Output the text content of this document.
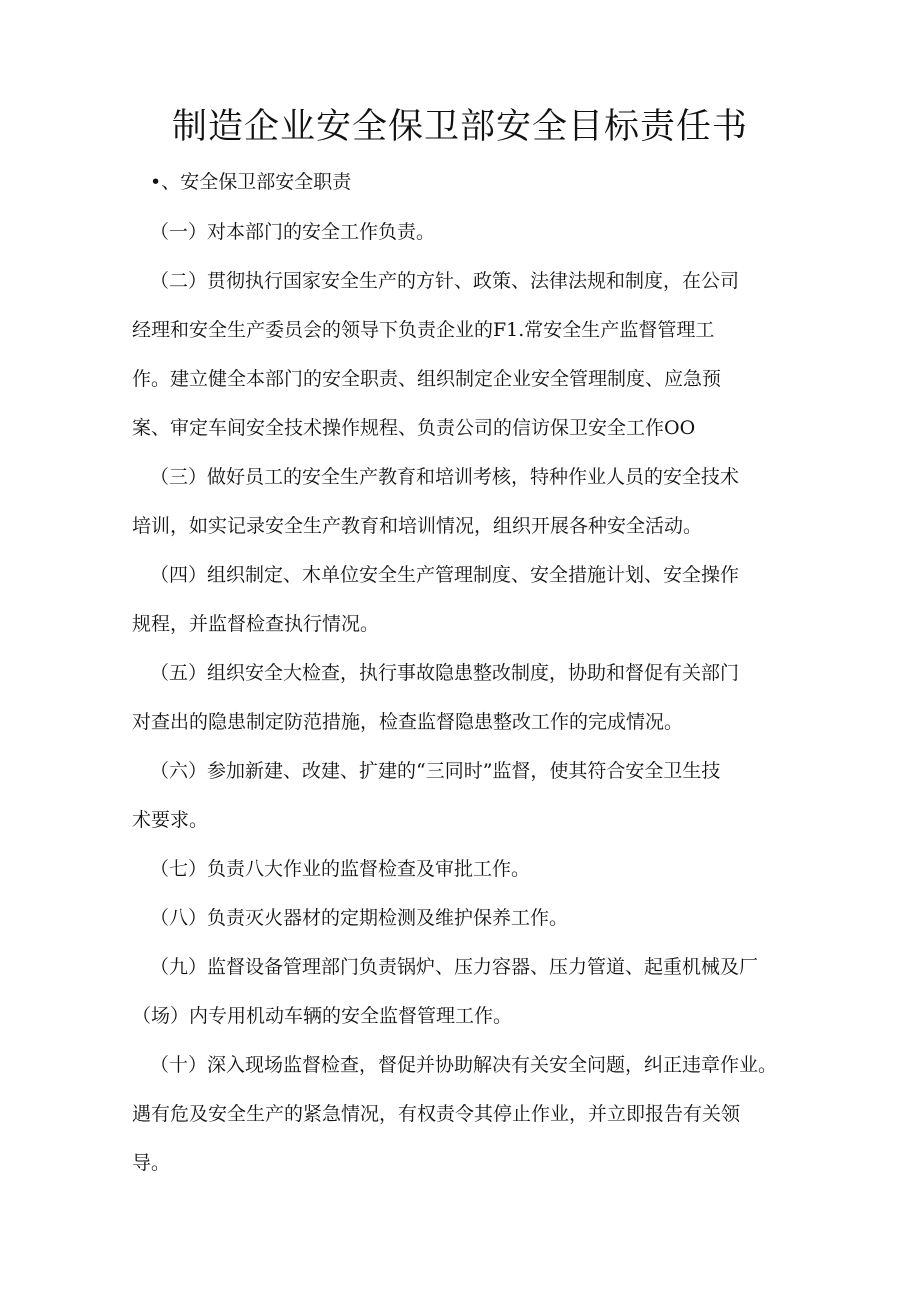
制造企业安全保卫部安全目标责任书
•、安全保卫部安全职责
（一）对本部门的安全工作负责。
（二）贯彻执行国家安全生产的方针、政策、法律法规和制度，在公司
经理和安全生产委员会的领导下负责企业的F1.常安全生产监督管理工
作。建立健全本部门的安全职责、组织制定企业安全管理制度、应急预
案、审定车间安全技术操作规程、负责公司的信访保卫安全工作OO
（三）做好员工的安全生产教育和培训考核，特种作业人员的安全技术
培训，如实记录安全生产教育和培训情况，组织开展各种安全活动。
（四）组织制定、木单位安全生产管理制度、安全措施计划、安全操作
规程，并监督检查执行情况。
（五）组织安全大检查，执行事故隐患整改制度，协助和督促有关部门
对查出的隐患制定防范措施，检查监督隐患整改工作的完成情况。
（六）参加新建、改建、扩建的“三同时”监督，使其符合安全卫生技
术要求。
（七）负责八大作业的监督检查及审批工作。
（八）负责灭火器材的定期检测及维护保养工作。
（九）监督设备管理部门负责锅炉、压力容器、压力管道、起重机械及厂
（场）内专用机动车辆的安全监督管理工作。
（十）深入现场监督检查，督促并协助解决有关安全问题，纠正违章作业。
遇有危及安全生产的紧急情况，有权责令其停止作业，并立即报告有关领
导。
